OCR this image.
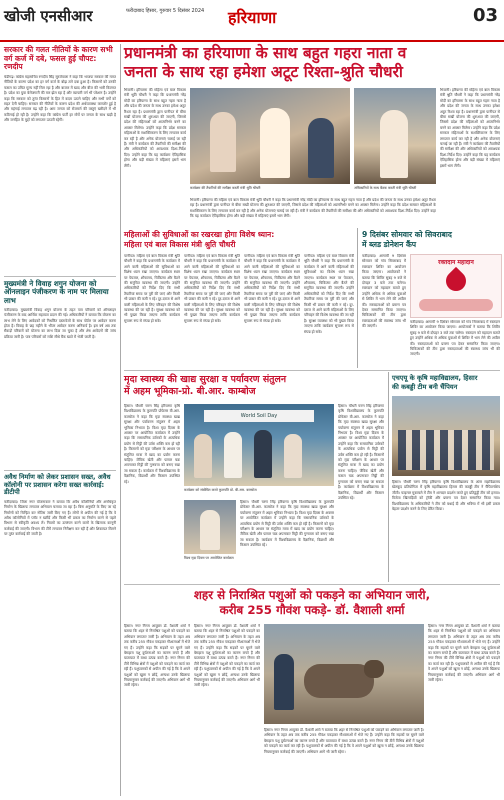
खोजी एनसीआर	फरीदाबाद हिसार, गुरुवार 5 दिसंबर 2024	हरियाणा	03
सरकार की गलत नीतियों के कारण सभी वर्ग कर्ज में दबे, फसल हुई चौपट: रणदीप
चंडीगढ़। कांग्रेस महासचिव रणदीप सिंह सुरजेवाला ने कहा कि भाजपा सरकार की गलत नीतियों के कारण प्रदेश का हर वर्ग कर्ज के बोझ तले दबा हुआ है। किसानों को उनकी फसल का उचित मूल्य नहीं मिल रहा है और बाजार में खाद और बीज की भारी किल्लत है। प्रदेश का युवा बेरोजगारी की मार झेल रहा है और व्यापारी वर्ग भी परेशान है। उन्होंने कहा कि सरकार को तुरंत किसानों के हित में कदम उठाने चाहिए और सभी वर्गों को राहत देनी चाहिए। सरकार की नीतियों के कारण प्रदेश की अर्थव्यवस्था कमजोर हुई है और महंगाई लगातार बढ़ रही है। आम जनता को रोजमर्रा की वस्तुएं खरीदने में भी कठिनाई हो रही है। उन्होंने कहा कि कांग्रेस पार्टी हर मोर्चे पर जनता के साथ खड़ी है और जनहित के मुद्दों को लगातार उठाती रहेगी।
मुख्यमंत्री ने विवाह शगुन योजना को ऑनलाइन पंजीकरण के नाम पर मिलाया लाभ
फरीदाबाद। मुख्यमंत्री विवाह शगुन योजना के तहत पात्र परिवारों को ऑनलाइन पंजीकरण के बाद आर्थिक सहायता प्रदान की गई। अधिकारियों ने बताया कि योजना का लाभ लेने के लिए आवेदकों को निर्धारित दस्तावेजों के साथ पोर्टल पर आवेदन करना होता है। विवाह के छह महीने के भीतर आवेदन करना अनिवार्य है। इस वर्ष अब तक सैकड़ों परिवारों को योजना का लाभ दिया जा चुका है और शेष आवेदनों की जांच प्रक्रिया जारी है। पात्र परिवारों को राशि सीधे बैंक खाते में भेजी जाती है।
अवैध निर्माण को लेकर प्रशासन सख्त, अवैध कॉलोनी पर प्रशासन करेगा सख्त कार्रवाई: डीटीपी
फरीदाबाद। जिला नगर योजनाकार ने बताया कि अवैध कॉलोनियों और अनधिकृत निर्माण के खिलाफ लगातार अभियान चलाया जा रहा है। बिना अनुमति के किए जा रहे निर्माणों को चिन्हित कर नोटिस जारी किए गए हैं। लोगों से अपील की गई है कि वे अवैध कॉलोनियों में प्लॉट न खरीदें और किसी भी प्रकार का निर्माण करने से पहले विभाग से स्वीकृति अवश्य लें। नियमों का उल्लंघन करने वालों के खिलाफ कानूनी कार्रवाई की जाएगी। विभाग की टीमें लगातार निरीक्षण कर रही हैं और शिकायत मिलने पर तुरंत कार्रवाई की जाती है।
प्रधानमंत्री का हरियाणा के साथ बहुत गहरा नाता व
जनता के साथ रहा हमेशा अटूट रिश्ता-श्रुति चौधरी
भिवानी। हरियाणा की महिला एवं बाल विकास मंत्री श्रुति चौधरी ने कहा कि प्रधानमंत्री नरेंद्र मोदी का हरियाणा के साथ बहुत गहरा नाता है और प्रदेश की जनता के साथ उनका हमेशा अटूट रिश्ता रहा है। प्रधानमंत्री द्वारा पानीपत से बीमा सखी योजना की शुरुआत की जाएगी, जिससे प्रदेश की महिलाओं को आत्मनिर्भर बनने का अवसर मिलेगा। उन्होंने कहा कि प्रदेश सरकार महिलाओं के सशक्तिकरण के लिए लगातार कार्य कर रही है और अनेक योजनाएं चलाई जा रही हैं। मंत्री ने कार्यक्रम की तैयारियों की समीक्षा की और अधिकारियों को आवश्यक दिशा-निर्देश दिए। उन्होंने कहा कि यह कार्यक्रम ऐतिहासिक होगा और बड़ी संख्या में महिलाएं इसमें भाग लेंगी।
कार्यक्रम की तैयारियों की समीक्षा करती मंत्री श्रुति चौधरी	अधिकारियों के साथ बैठक करती मंत्री श्रुति चौधरी
भिवानी। हरियाणा की महिला एवं बाल विकास मंत्री श्रुति चौधरी ने कहा कि प्रधानमंत्री नरेंद्र मोदी का हरियाणा के साथ बहुत गहरा नाता है और प्रदेश की जनता के साथ उनका हमेशा अटूट रिश्ता रहा है। प्रधानमंत्री द्वारा पानीपत से बीमा सखी योजना की शुरुआत की जाएगी, जिससे प्रदेश की महिलाओं को आत्मनिर्भर बनने का अवसर मिलेगा। उन्होंने कहा कि प्रदेश सरकार महिलाओं के सशक्तिकरण के लिए लगातार कार्य कर रही है और अनेक योजनाएं चलाई जा रही हैं। मंत्री ने कार्यक्रम की तैयारियों की समीक्षा की और अधिकारियों को आवश्यक दिशा-निर्देश दिए। उन्होंने कहा कि यह कार्यक्रम ऐतिहासिक होगा और बड़ी संख्या में महिलाएं इसमें भाग लेंगी।
भिवानी। हरियाणा की महिला एवं बाल विकास मंत्री श्रुति चौधरी ने कहा कि प्रधानमंत्री नरेंद्र मोदी का हरियाणा के साथ बहुत गहरा नाता है और प्रदेश की जनता के साथ उनका हमेशा अटूट रिश्ता रहा है। प्रधानमंत्री द्वारा पानीपत से बीमा सखी योजना की शुरुआत की जाएगी, जिससे प्रदेश की महिलाओं को आत्मनिर्भर बनने का अवसर मिलेगा। उन्होंने कहा कि प्रदेश सरकार महिलाओं के सशक्तिकरण के लिए लगातार कार्य कर रही है और अनेक योजनाएं चलाई जा रही हैं। मंत्री ने कार्यक्रम की तैयारियों की समीक्षा की और अधिकारियों को आवश्यक दिशा-निर्देश दिए। उन्होंने कहा कि यह कार्यक्रम ऐतिहासिक होगा और बड़ी संख्या में महिलाएं इसमें भाग लेंगी।
महिलाओं की सुविधाओं का रखरखा होगा विशेष ध्यान:
महिला एवं बाल विकास मंत्री श्रुति चौधरी
पानीपत। महिला एवं बाल विकास मंत्री श्रुति चौधरी ने कहा कि प्रधानमंत्री के कार्यक्रम में आने वाली महिलाओं की सुविधाओं का विशेष ध्यान रखा जाएगा। कार्यक्रम स्थल पर पेयजल, शौचालय, चिकित्सा और बैठने की समुचित व्यवस्था की जाएगी। उन्होंने अधिकारियों को निर्देश दिए कि सभी तैयारियां समय पर पूरी की जाएं और किसी भी प्रकार की कमी न रहे। दूर-दराज से आने वाली महिलाओं के लिए परिवहन की विशेष व्यवस्था की जा रही है। सुरक्षा व्यवस्था को भी पुख्ता किया जाएगा ताकि कार्यक्रम सुचारू रूप से संपन्न हो सके।
पानीपत। महिला एवं बाल विकास मंत्री श्रुति चौधरी ने कहा कि प्रधानमंत्री के कार्यक्रम में आने वाली महिलाओं की सुविधाओं का विशेष ध्यान रखा जाएगा। कार्यक्रम स्थल पर पेयजल, शौचालय, चिकित्सा और बैठने की समुचित व्यवस्था की जाएगी। उन्होंने अधिकारियों को निर्देश दिए कि सभी तैयारियां समय पर पूरी की जाएं और किसी भी प्रकार की कमी न रहे। दूर-दराज से आने वाली महिलाओं के लिए परिवहन की विशेष व्यवस्था की जा रही है। सुरक्षा व्यवस्था को भी पुख्ता किया जाएगा ताकि कार्यक्रम सुचारू रूप से संपन्न हो सके।
पानीपत। महिला एवं बाल विकास मंत्री श्रुति चौधरी ने कहा कि प्रधानमंत्री के कार्यक्रम में आने वाली महिलाओं की सुविधाओं का विशेष ध्यान रखा जाएगा। कार्यक्रम स्थल पर पेयजल, शौचालय, चिकित्सा और बैठने की समुचित व्यवस्था की जाएगी। उन्होंने अधिकारियों को निर्देश दिए कि सभी तैयारियां समय पर पूरी की जाएं और किसी भी प्रकार की कमी न रहे। दूर-दराज से आने वाली महिलाओं के लिए परिवहन की विशेष व्यवस्था की जा रही है। सुरक्षा व्यवस्था को भी पुख्ता किया जाएगा ताकि कार्यक्रम सुचारू रूप से संपन्न हो सके।
पानीपत। महिला एवं बाल विकास मंत्री श्रुति चौधरी ने कहा कि प्रधानमंत्री के कार्यक्रम में आने वाली महिलाओं की सुविधाओं का विशेष ध्यान रखा जाएगा। कार्यक्रम स्थल पर पेयजल, शौचालय, चिकित्सा और बैठने की समुचित व्यवस्था की जाएगी। उन्होंने अधिकारियों को निर्देश दिए कि सभी तैयारियां समय पर पूरी की जाएं और किसी भी प्रकार की कमी न रहे। दूर-दराज से आने वाली महिलाओं के लिए परिवहन की विशेष व्यवस्था की जा रही है। सुरक्षा व्यवस्था को भी पुख्ता किया जाएगा ताकि कार्यक्रम सुचारू रूप से संपन्न हो सके।
9 दिसंबर सोमवार को सिवराबाद
में ब्लड डोनेशन कैंप
फरीदाबाद। आगामी 9 दिसंबर सोमवार को गांव सिवराबाद में रक्तदान शिविर का आयोजन किया जाएगा। आयोजकों ने बताया कि शिविर सुबह 9 बजे से दोपहर 3 बजे तक चलेगा। रक्तदान को महादान बताते हुए उन्होंने अधिक से अधिक युवाओं से शिविर में भाग लेने की अपील की। रक्तदाताओं को प्रमाण पत्र देकर सम्मानित किया जाएगा। चिकित्सकों की टीम द्वारा रक्तदाताओं की स्वास्थ्य जांच भी की जाएगी।
रक्तदान महादान
फरीदाबाद। आगामी 9 दिसंबर सोमवार को गांव सिवराबाद में रक्तदान शिविर का आयोजन किया जाएगा। आयोजकों ने बताया कि शिविर सुबह 9 बजे से दोपहर 3 बजे तक चलेगा। रक्तदान को महादान बताते हुए उन्होंने अधिक से अधिक युवाओं से शिविर में भाग लेने की अपील की। रक्तदाताओं को प्रमाण पत्र देकर सम्मानित किया जाएगा। चिकित्सकों की टीम द्वारा रक्तदाताओं की स्वास्थ्य जांच भी की जाएगी।
मृदा स्वास्थ्य की खाद्य सुरक्षा व पर्यावरण संतुलन
में अहम भूमिका-प्रो. बी.आर. काम्बोज
हिसार। चौधरी चरण सिंह हरियाणा कृषि विश्वविद्यालय के कुलपति प्रोफेसर बी.आर. काम्बोज ने कहा कि मृदा स्वास्थ्य खाद्य सुरक्षा और पर्यावरण संतुलन में अहम भूमिका निभाता है। विश्व मृदा दिवस के अवसर पर आयोजित कार्यक्रम में उन्होंने कहा कि रासायनिक उर्वरकों के अत्यधिक प्रयोग से मिट्टी की उर्वरा शक्ति कम हो रही है। किसानों को मृदा परीक्षण के आधार पर संतुलित मात्रा में खाद का प्रयोग करना चाहिए। जैविक खेती और फसल चक्र अपनाकर मिट्टी की गुणवत्ता को बनाए रखा जा सकता है। कार्यक्रम में विश्वविद्यालय के वैज्ञानिक, विद्यार्थी और किसान उपस्थित रहे।
World Soil Day
कार्यक्रम को संबोधित करते कुलपति प्रो. बी.आर. काम्बोज
हिसार। चौधरी चरण सिंह हरियाणा कृषि विश्वविद्यालय के कुलपति प्रोफेसर बी.आर. काम्बोज ने कहा कि मृदा स्वास्थ्य खाद्य सुरक्षा और पर्यावरण संतुलन में अहम भूमिका निभाता है। विश्व मृदा दिवस के अवसर पर आयोजित कार्यक्रम में उन्होंने कहा कि रासायनिक उर्वरकों के अत्यधिक प्रयोग से मिट्टी की उर्वरा शक्ति कम हो रही है। किसानों को मृदा परीक्षण के आधार पर संतुलित मात्रा में खाद का प्रयोग करना चाहिए। जैविक खेती और फसल चक्र अपनाकर मिट्टी की गुणवत्ता को बनाए रखा जा सकता है। कार्यक्रम में विश्वविद्यालय के वैज्ञानिक, विद्यार्थी और किसान उपस्थित रहे।
विश्व मृदा दिवस पर आयोजित कार्यक्रम
हिसार। चौधरी चरण सिंह हरियाणा कृषि विश्वविद्यालय के कुलपति प्रोफेसर बी.आर. काम्बोज ने कहा कि मृदा स्वास्थ्य खाद्य सुरक्षा और पर्यावरण संतुलन में अहम भूमिका निभाता है। विश्व मृदा दिवस के अवसर पर आयोजित कार्यक्रम में उन्होंने कहा कि रासायनिक उर्वरकों के अत्यधिक प्रयोग से मिट्टी की उर्वरा शक्ति कम हो रही है। किसानों को मृदा परीक्षण के आधार पर संतुलित मात्रा में खाद का प्रयोग करना चाहिए। जैविक खेती और फसल चक्र अपनाकर मिट्टी की गुणवत्ता को बनाए रखा जा सकता है। कार्यक्रम में विश्वविद्यालय के वैज्ञानिक, विद्यार्थी और किसान उपस्थित रहे।
एचएयू के कृषि महाविद्यालय, हिसार
की कबड्डी टीम बनी चैंपियन
हिसार। चौधरी चरण सिंह हरियाणा कृषि विश्वविद्यालय के अंतर महाविद्यालय खेलकूद प्रतियोगिता में कृषि महाविद्यालय हिसार की कबड्डी टीम ने चैंपियनशिप जीती। फाइनल मुकाबले में टीम ने शानदार प्रदर्शन करते हुए प्रतिद्वंद्वी टीम को हराया। विजेता खिलाड़ियों को ट्रॉफी और प्रमाण पत्र देकर सम्मानित किया गया। विश्वविद्यालय के अधिकारियों ने टीम को बधाई दी और भविष्य में भी इसी प्रकार बेहतर प्रदर्शन करने के लिए प्रेरित किया।
शहर से निराश्रित पशुओं को पकड़ने का अभियान जारी,
करीब 255 गौवंश पकड़े- डॉ. वैशाली शर्मा
हिसार। नगर निगम आयुक्त डॉ. वैशाली शर्मा ने बताया कि शहर से निराश्रित पशुओं को पकड़ने का अभियान लगातार जारी है। अभियान के तहत अब तक करीब 255 गौवंश पकड़कर गौशालाओं में भेजे गए हैं। उन्होंने कहा कि सड़कों पर घूमने वाले बेसहारा पशु दुर्घटनाओं का कारण बनते हैं और यातायात में बाधा उत्पन्न करते हैं। नगर निगम की टीमें विभिन्न क्षेत्रों में पशुओं को पकड़ने का कार्य कर रही हैं। पशुपालकों से अपील की गई है कि वे अपने पशुओं को खुला न छोड़ें, अन्यथा उनके खिलाफ नियमानुसार कार्रवाई की जाएगी। अभियान आगे भी जारी रहेगा।
हिसार। नगर निगम आयुक्त डॉ. वैशाली शर्मा ने बताया कि शहर से निराश्रित पशुओं को पकड़ने का अभियान लगातार जारी है। अभियान के तहत अब तक करीब 255 गौवंश पकड़कर गौशालाओं में भेजे गए हैं। उन्होंने कहा कि सड़कों पर घूमने वाले बेसहारा पशु दुर्घटनाओं का कारण बनते हैं और यातायात में बाधा उत्पन्न करते हैं। नगर निगम की टीमें विभिन्न क्षेत्रों में पशुओं को पकड़ने का कार्य कर रही हैं। पशुपालकों से अपील की गई है कि वे अपने पशुओं को खुला न छोड़ें, अन्यथा उनके खिलाफ नियमानुसार कार्रवाई की जाएगी। अभियान आगे भी जारी रहेगा।
हिसार। नगर निगम आयुक्त डॉ. वैशाली शर्मा ने बताया कि शहर से निराश्रित पशुओं को पकड़ने का अभियान लगातार जारी है। अभियान के तहत अब तक करीब 255 गौवंश पकड़कर गौशालाओं में भेजे गए हैं। उन्होंने कहा कि सड़कों पर घूमने वाले बेसहारा पशु दुर्घटनाओं का कारण बनते हैं और यातायात में बाधा उत्पन्न करते हैं। नगर निगम की टीमें विभिन्न क्षेत्रों में पशुओं को पकड़ने का कार्य कर रही हैं। पशुपालकों से अपील की गई है कि वे अपने पशुओं को खुला न छोड़ें, अन्यथा उनके खिलाफ नियमानुसार कार्रवाई की जाएगी। अभियान आगे भी जारी रहेगा।
हिसार। नगर निगम आयुक्त डॉ. वैशाली शर्मा ने बताया कि शहर से निराश्रित पशुओं को पकड़ने का अभियान लगातार जारी है। अभियान के तहत अब तक करीब 255 गौवंश पकड़कर गौशालाओं में भेजे गए हैं। उन्होंने कहा कि सड़कों पर घूमने वाले बेसहारा पशु दुर्घटनाओं का कारण बनते हैं और यातायात में बाधा उत्पन्न करते हैं। नगर निगम की टीमें विभिन्न क्षेत्रों में पशुओं को पकड़ने का कार्य कर रही हैं। पशुपालकों से अपील की गई है कि वे अपने पशुओं को खुला न छोड़ें, अन्यथा उनके खिलाफ नियमानुसार कार्रवाई की जाएगी। अभियान आगे भी जारी रहेगा।
